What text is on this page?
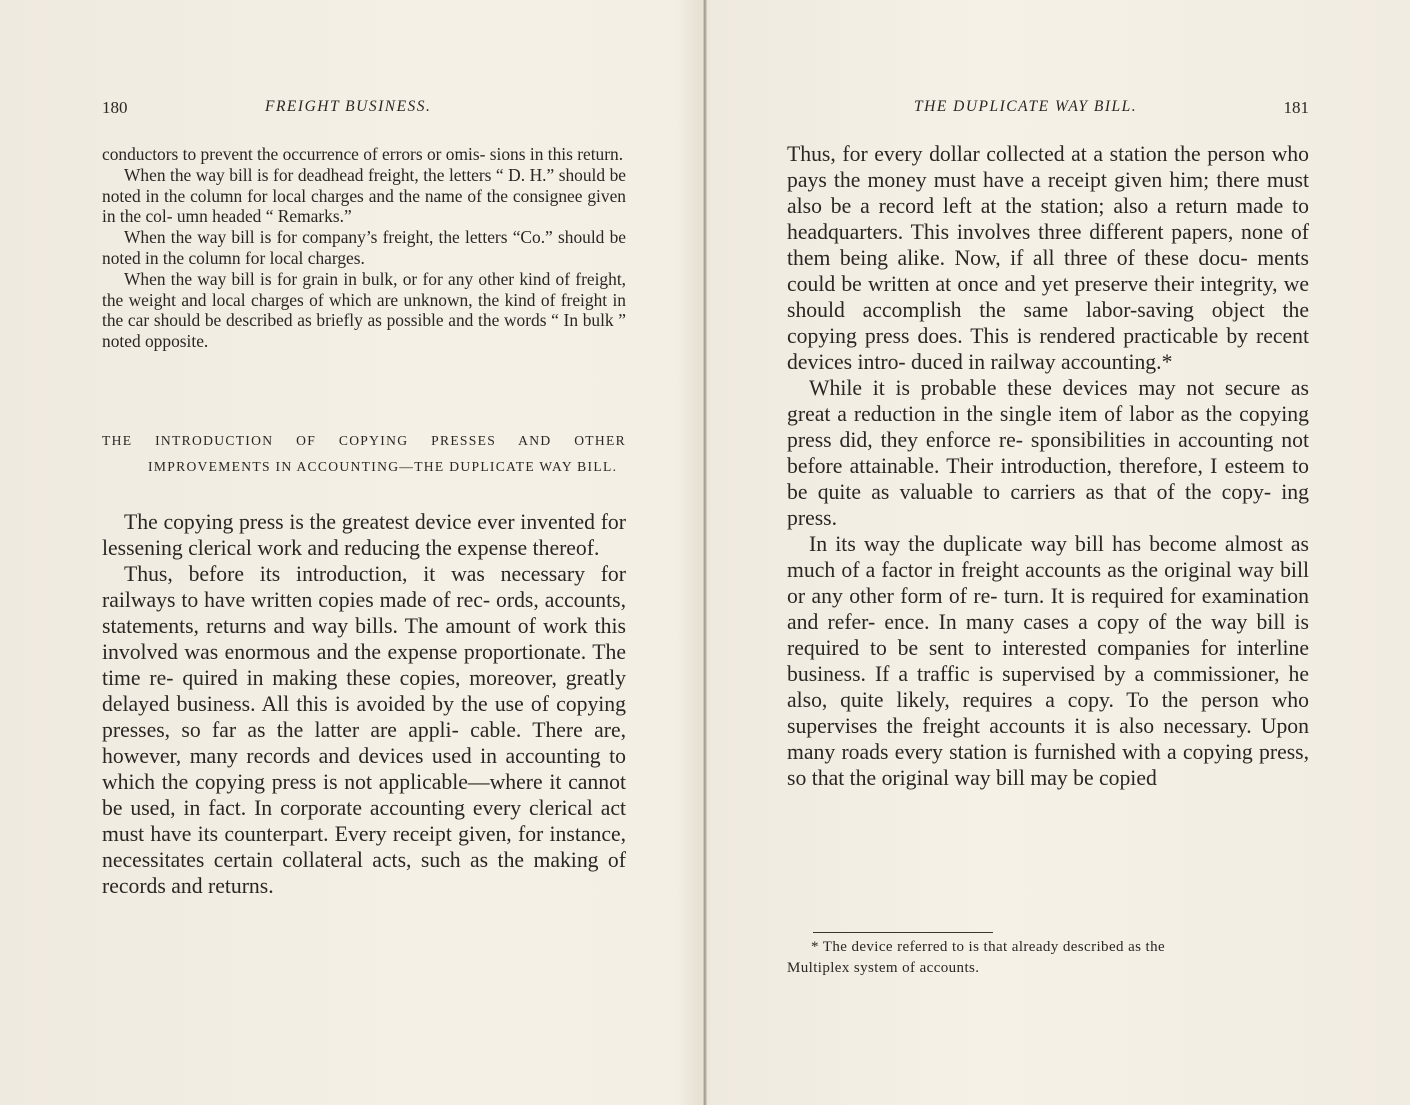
180	FREIGHT BUSINESS.

conductors to prevent the occurrence of errors or omis- sions in this return.

When the way bill is for deadhead freight, the letters “ D. H.” should be noted in the column for local charges and the name of the consignee given in the col- umn headed “ Remarks.”

When the way bill is for company’s freight, the letters “Co.” should be noted in the column for local charges.

When the way bill is for grain in bulk, or for any other kind of freight, the weight and local charges of which are unknown, the kind of freight in the car should be described as briefly as possible and the words “ In bulk ” noted opposite.

THE INTRODUCTION OF COPYING PRESSES AND OTHER IMPROVEMENTS IN ACCOUNTING—THE DUPLICATE WAY BILL.

The copying press is the greatest device ever invented for lessening clerical work and reducing the expense thereof.

Thus, before its introduction, it was necessary for railways to have written copies made of rec- ords, accounts, statements, returns and way bills. The amount of work this involved was enormous and the expense proportionate. The time re- quired in making these copies, moreover, greatly delayed business. All this is avoided by the use of copying presses, so far as the latter are appli- cable. There are, however, many records and devices used in accounting to which the copying press is not applicable—where it cannot be used, in fact. In corporate accounting every clerical act must have its counterpart. Every receipt given, for instance, necessitates certain collateral acts, such as the making of records and returns.

THE DUPLICATE WAY BILL.	181

Thus, for every dollar collected at a station the person who pays the money must have a receipt given him; there must also be a record left at the station; also a return made to headquarters. This involves three different papers, none of them being alike. Now, if all three of these docu- ments could be written at once and yet preserve their integrity, we should accomplish the same labor-saving object the copying press does. This is rendered practicable by recent devices intro- duced in railway accounting.*

While it is probable these devices may not secure as great a reduction in the single item of labor as the copying press did, they enforce re- sponsibilities in accounting not before attainable. Their introduction, therefore, I esteem to be quite as valuable to carriers as that of the copy- ing press.

In its way the duplicate way bill has become almost as much of a factor in freight accounts as the original way bill or any other form of re- turn. It is required for examination and refer- ence. In many cases a copy of the way bill is required to be sent to interested companies for interline business. If a traffic is supervised by a commissioner, he also, quite likely, requires a copy. To the person who supervises the freight accounts it is also necessary. Upon many roads every station is furnished with a copying press, so that the original way bill may be copied

* The device referred to is that already described as the
Multiplex system of accounts.
